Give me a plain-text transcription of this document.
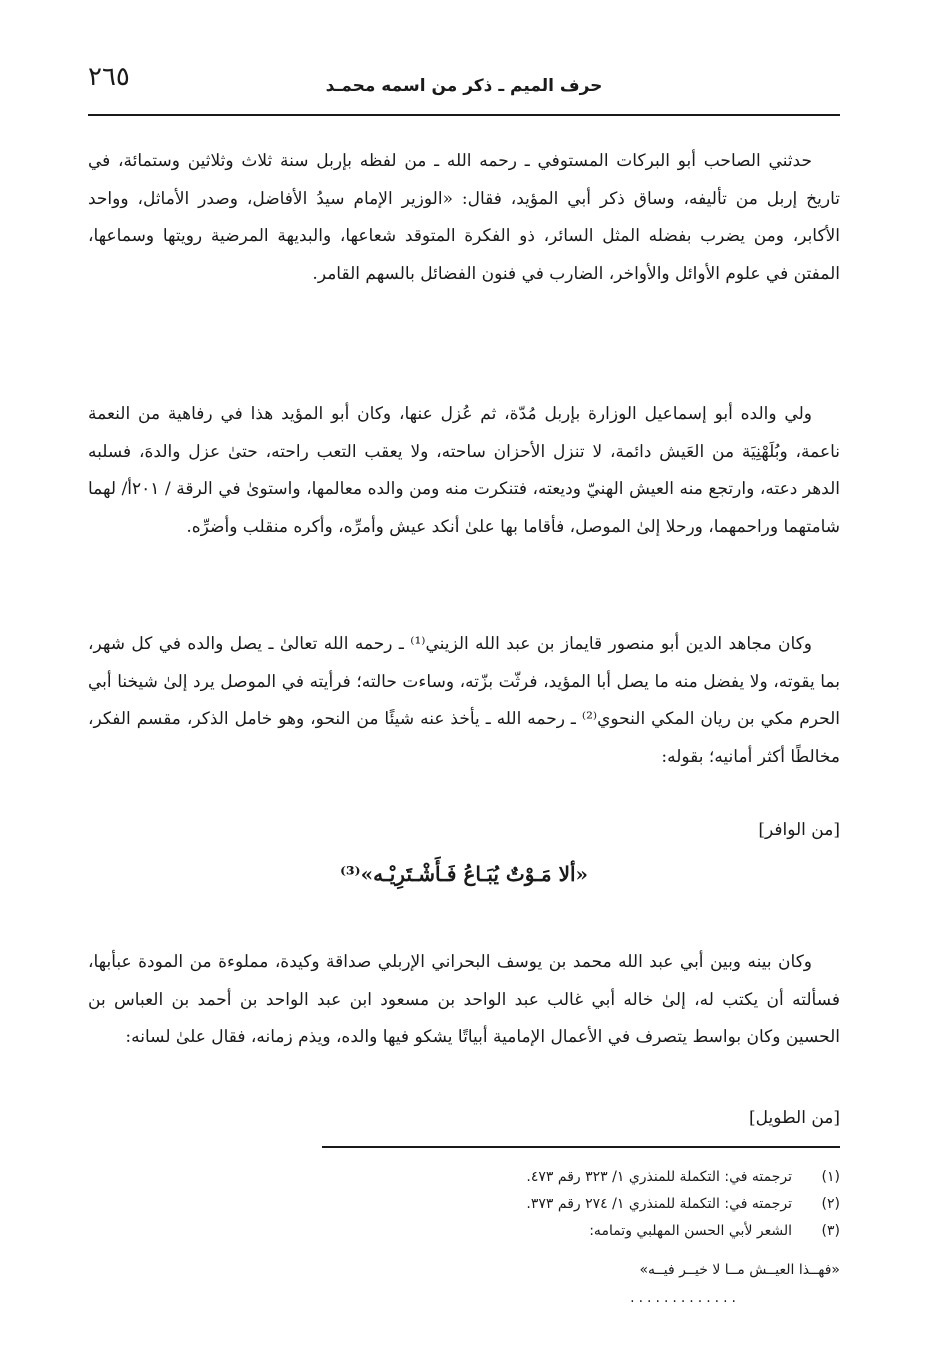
٢٦٥	حرف الميم ـ ذكر من اسمه محمـد

حدثني الصاحب أبو البركات المستوفي ـ رحمه الله ـ من لفظه بإربل سنة ثلاث وثلاثين وستمائة، في تاريخ إربل من تأليفه، وساق ذكر أبي المؤيد، فقال: «الوزير الإمام سيدُ الأفاضل، وصدر الأماثل، وواحد الأكابر، ومن يضرب بفضله المثل السائر، ذو الفكرة المتوقد شعاعها، والبديهة المرضية رويتها وسماعها، المفتن في علوم الأوائل والأواخر، الضارب في فنون الفضائل بالسهم القامر.

ولي والده أبو إسماعيل الوزارة بإربل مُدّة، ثم عُزل عنها، وكان أبو المؤيد هذا في رفاهية من النعمة ناعمة، وبُلَهْنِيَة من العَيش دائمة، لا تنزل الأحزان ساحته، ولا يعقب التعب راحته، حتىٰ عزل والدهَ، فسلبه الدهر دعته، وارتجع منه العيش الهنيّ وديعته، فتنكرت منه ومن والده معالمها، واستوىٰ في الرقة / ٢٠١أ/ لهما شامتهما وراحمهما، ورحلا إلىٰ الموصل، فأقاما بها علىٰ أنكد عيش وأمرِّه، وأكره منقلب وأضرِّه.

وكان مجاهد الدين أبو منصور قايماز بن عبد الله الزيني⁽¹⁾ ـ رحمه الله تعالىٰ ـ يصل والده في كل شهر، بما يقوته، ولا يفضل منه ما يصل أبا المؤيد، فرثّت بزّته، وساءت حالته؛ فرأيته في الموصل يرد إلىٰ شيخنا أبي الحرم مكي بن ريان المكي النحوي⁽²⁾ ـ رحمه الله ـ يأخذ عنه شيئًا من النحو، وهو خامل الذكر، مقسم الفكر، مخالطًا أكثر أمانيه؛ بقوله:

[من الوافر]
«ألا مَـوْتٌ يُبَـاعُ فَـأَشْـتَرِيْـه»⁽³⁾

وكان بينه وبين أبي عبد الله محمد بن يوسف البحراني الإربلي صداقة وكيدة، مملوءة من المودة عبأبها، فسألته أن يكتب له، إلىٰ خاله أبي غالب عبد الواحد بن مسعود ابن عبد الواحد بن أحمد بن العباس بن الحسين وكان بواسط يتصرف في الأعمال الإمامية أبياتًا يشكو فيها والده، ويذم زمانه، فقال علىٰ لسانه:

[من الطويل]
(١)
ترجمته في: التكملة للمنذري ١/ ٣٢٣ رقم ٤٧٣.
(٢)
ترجمته في: التكملة للمنذري ١/ ٢٧٤ رقم ٣٧٣.
(٣)
الشعر لأبي الحسن المهلبي وتمامه:
«فهــذا العيــش مــا لا خيــر فيــه»
.............
